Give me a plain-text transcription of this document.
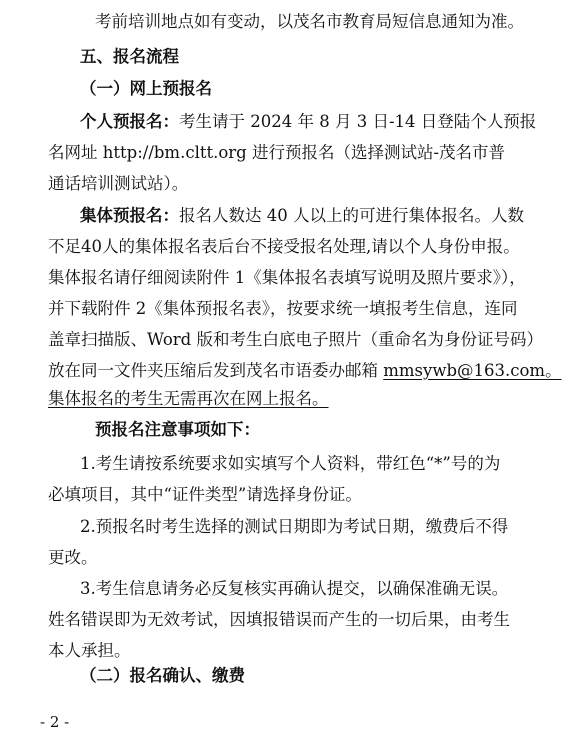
考前培训地点如有变动，以茂名市教育局短信息通知为准。
五、报名流程
（一）网上预报名
个人预报名：考生请于 2024 年 8 月 3 日-14 日登陆个人预报
名网址 http://bm.cltt.org 进行预报名（选择测试站-茂名市普
通话培训测试站）。
集体预报名：报名人数达 40 人以上的可进行集体报名。人数
不足40人的集体报名表后台不接受报名处理,请以个人身份申报。
集体报名请仔细阅读附件 1《集体报名表填写说明及照片要求》），
并下载附件 2《集体预报名表》，按要求统一填报考生信息，连同
盖章扫描版、Word 版和考生白底电子照片（重命名为身份证号码）
放在同一文件夹压缩后发到茂名市语委办邮箱 mmsywb@163.com。
集体报名的考生无需再次在网上报名。
预报名注意事项如下：
1.考生请按系统要求如实填写个人资料，带红色“*”号的为
必填项目，其中“证件类型”请选择身份证。
2.预报名时考生选择的测试日期即为考试日期，缴费后不得
更改。
3.考生信息请务必反复核实再确认提交，以确保准确无误。
姓名错误即为无效考试，因填报错误而产生的一切后果，由考生
本人承担。
（二）报名确认、缴费
- 2 -
